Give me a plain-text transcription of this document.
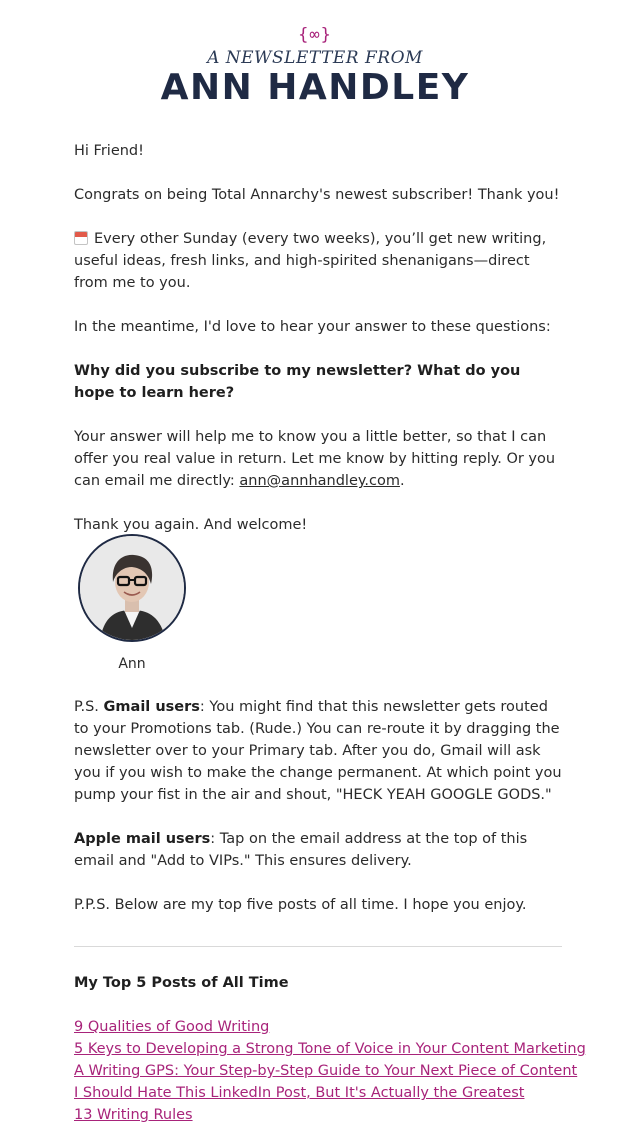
{∞}
A NEWSLETTER FROM
ANN HANDLEY

Hi Friend!

Congrats on being Total Annarchy's newest subscriber! Thank you!

Every other Sunday (every two weeks), you’ll get new writing, useful ideas, fresh links, and high-spirited shenanigans—direct from me to you.

In the meantime, I'd love to hear your answer to these questions:

Why did you subscribe to my newsletter? What do you hope to learn here?

Your answer will help me to know you a little better, so that I can offer you real value in return. Let me know by hitting reply. Or you can email me directly: ann@annhandley.com.

Thank you again. And welcome!

Ann

P.S. Gmail users: You might find that this newsletter gets routed to your Promotions tab. (Rude.) You can re-route it by dragging the newsletter over to your Primary tab. After you do, Gmail will ask you if you wish to make the change permanent. At which point you pump your fist in the air and shout, "HECK YEAH GOOGLE GODS."

Apple mail users: Tap on the email address at the top of this email and "Add to VIPs." This ensures delivery.

P.P.S. Below are my top five posts of all time. I hope you enjoy.

My Top 5 Posts of All Time
9 Qualities of Good Writing
5 Keys to Developing a Strong Tone of Voice in Your Content Marketing
A Writing GPS: Your Step-by-Step Guide to Your Next Piece of Content
I Should Hate This LinkedIn Post, But It's Actually the Greatest
13 Writing Rules
